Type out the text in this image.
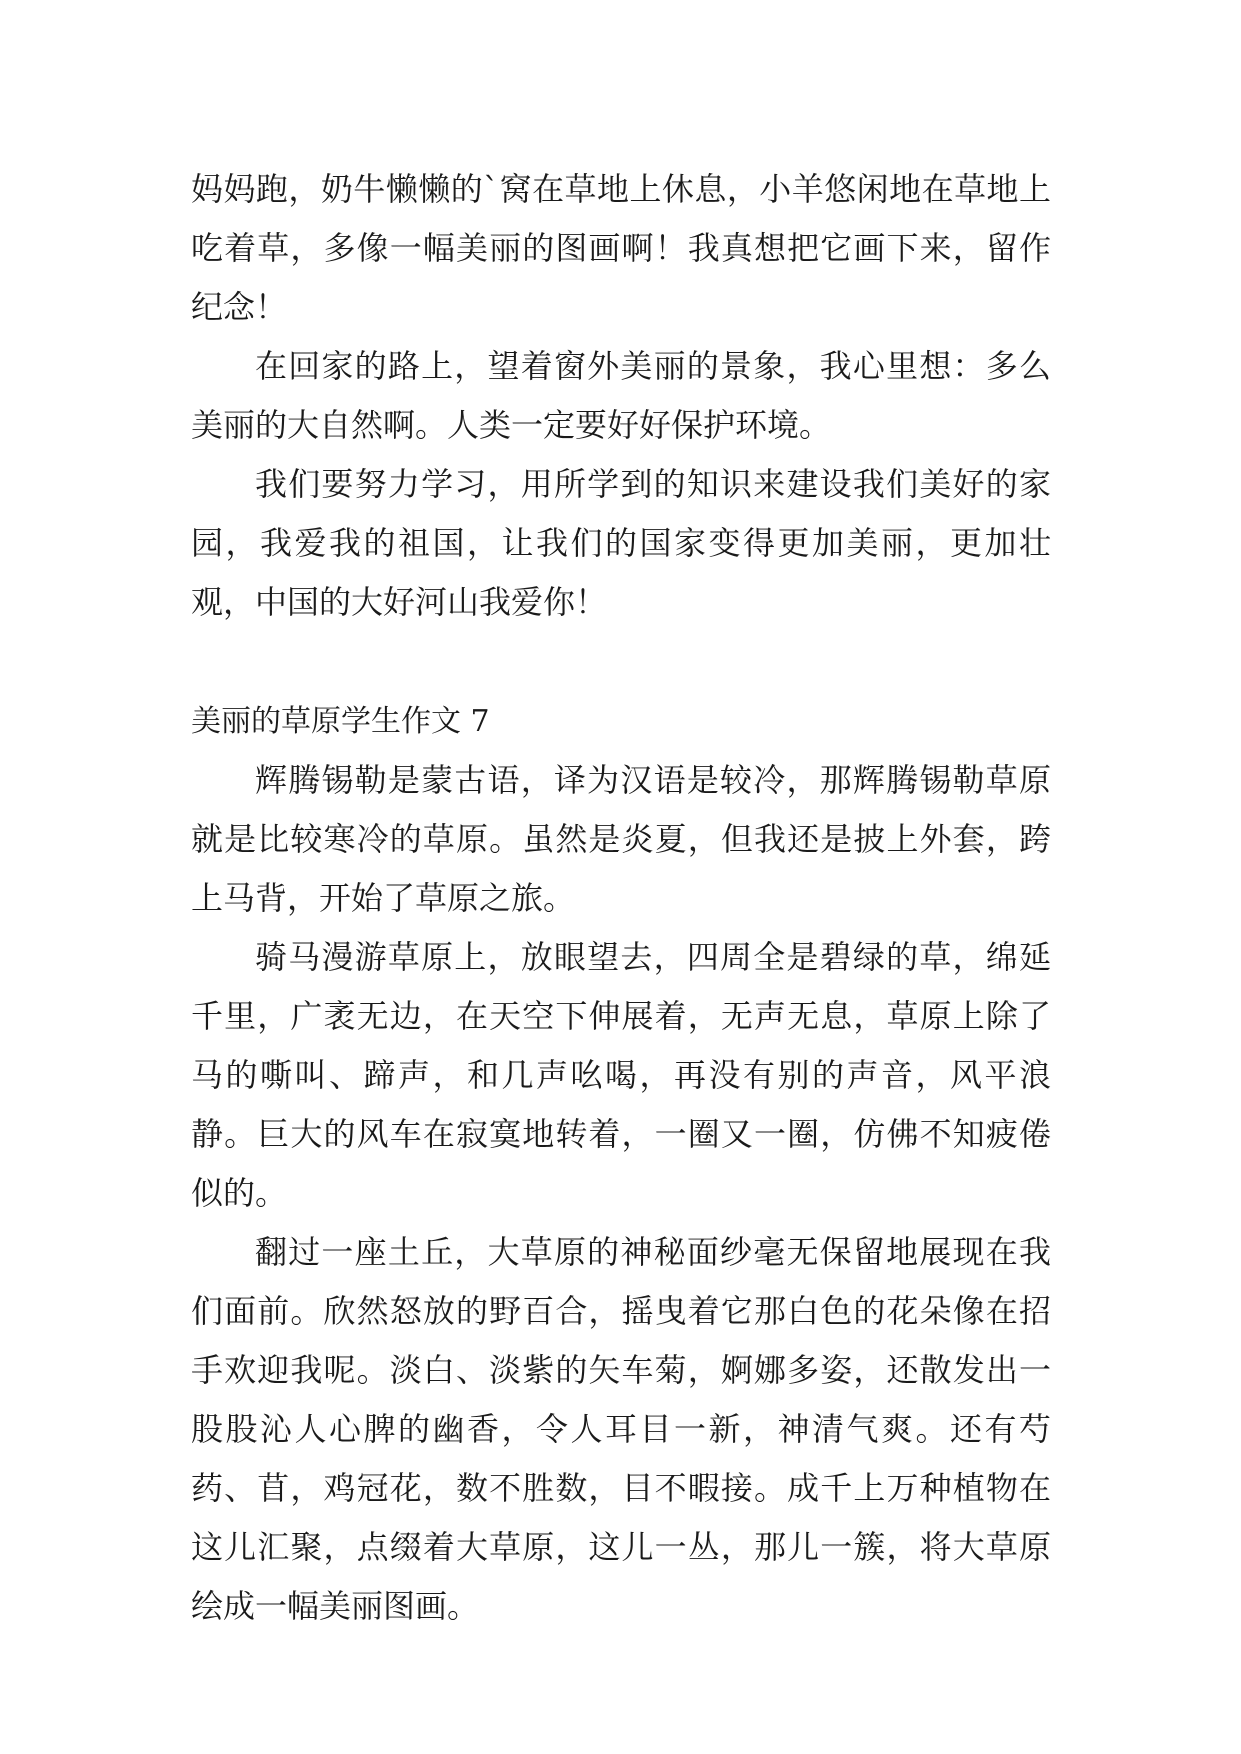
妈妈跑，奶牛懒懒的`窝在草地上休息，小羊悠闲地在草地上吃着草，多像一幅美丽的图画啊！我真想把它画下来，留作纪念！

在回家的路上，望着窗外美丽的景象，我心里想：多么美丽的大自然啊。人类一定要好好保护环境。

我们要努力学习，用所学到的知识来建设我们美好的家园，我爱我的祖国，让我们的国家变得更加美丽，更加壮观，中国的大好河山我爱你！

美丽的草原学生作文 7

辉腾锡勒是蒙古语，译为汉语是较冷，那辉腾锡勒草原就是比较寒冷的草原。虽然是炎夏，但我还是披上外套，跨上马背，开始了草原之旅。

骑马漫游草原上，放眼望去，四周全是碧绿的草，绵延千里，广袤无边，在天空下伸展着，无声无息，草原上除了马的嘶叫、蹄声，和几声吆喝，再没有别的声音，风平浪静。巨大的风车在寂寞地转着，一圈又一圈，仿佛不知疲倦似的。

翻过一座土丘，大草原的神秘面纱毫无保留地展现在我们面前。欣然怒放的野百合，摇曳着它那白色的花朵像在招手欢迎我呢。淡白、淡紫的矢车菊，婀娜多姿，还散发出一股股沁人心脾的幽香，令人耳目一新，神清气爽。还有芍药、苜，鸡冠花，数不胜数，目不暇接。成千上万种植物在这儿汇聚，点缀着大草原，这儿一丛，那儿一簇，将大草原绘成一幅美丽图画。
